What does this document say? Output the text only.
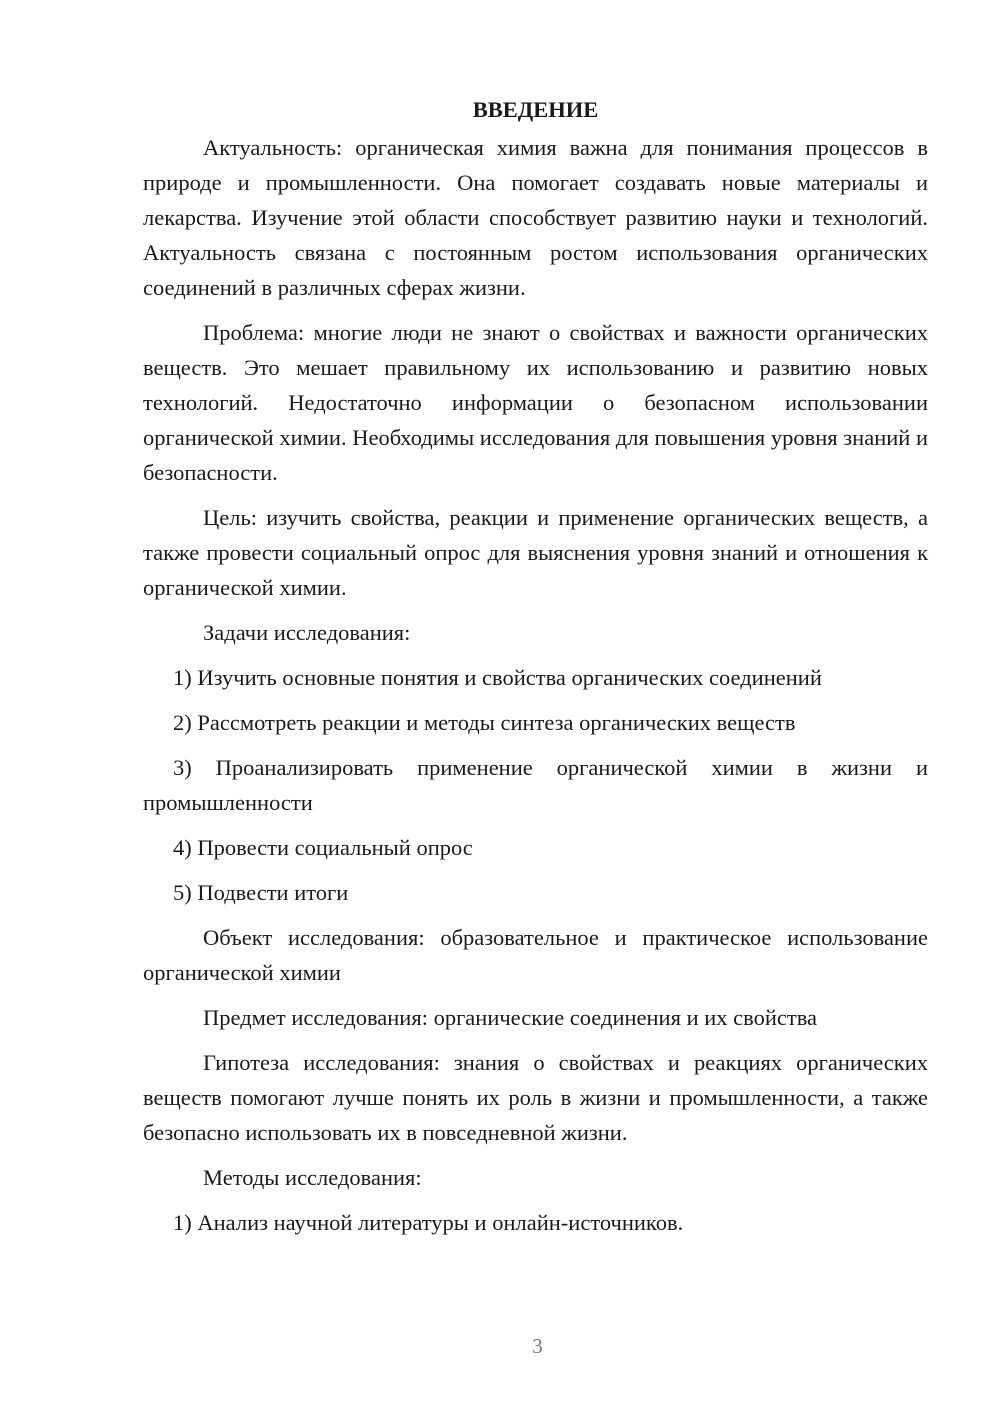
ВВЕДЕНИЕ

Актуальность: органическая химия важна для понимания процессов в природе и промышленности. Она помогает создавать новые материалы и лекарства. Изучение этой области способствует развитию науки и технологий. Актуальность связана с постоянным ростом использования органических соединений в различных сферах жизни.

Проблема: многие люди не знают о свойствах и важности органических веществ. Это мешает правильному их использованию и развитию новых технологий. Недостаточно информации о безопасном использовании органической химии. Необходимы исследования для повышения уровня знаний и безопасности.

Цель: изучить свойства, реакции и применение органических веществ, а также провести социальный опрос для выяснения уровня знаний и отношения к органической химии.

Задачи исследования:

1) Изучить основные понятия и свойства органических соединений

2) Рассмотреть реакции и методы синтеза органических веществ

3) Проанализировать применение органической химии в жизни и промышленности

4) Провести социальный опрос

5) Подвести итоги

Объект исследования: образовательное и практическое использование органической химии

Предмет исследования: органические соединения и их свойства

Гипотеза исследования: знания о свойствах и реакциях органических веществ помогают лучше понять их роль в жизни и промышленности, а также безопасно использовать их в повседневной жизни.

Методы исследования:

1) Анализ научной литературы и онлайн-источников.

3
